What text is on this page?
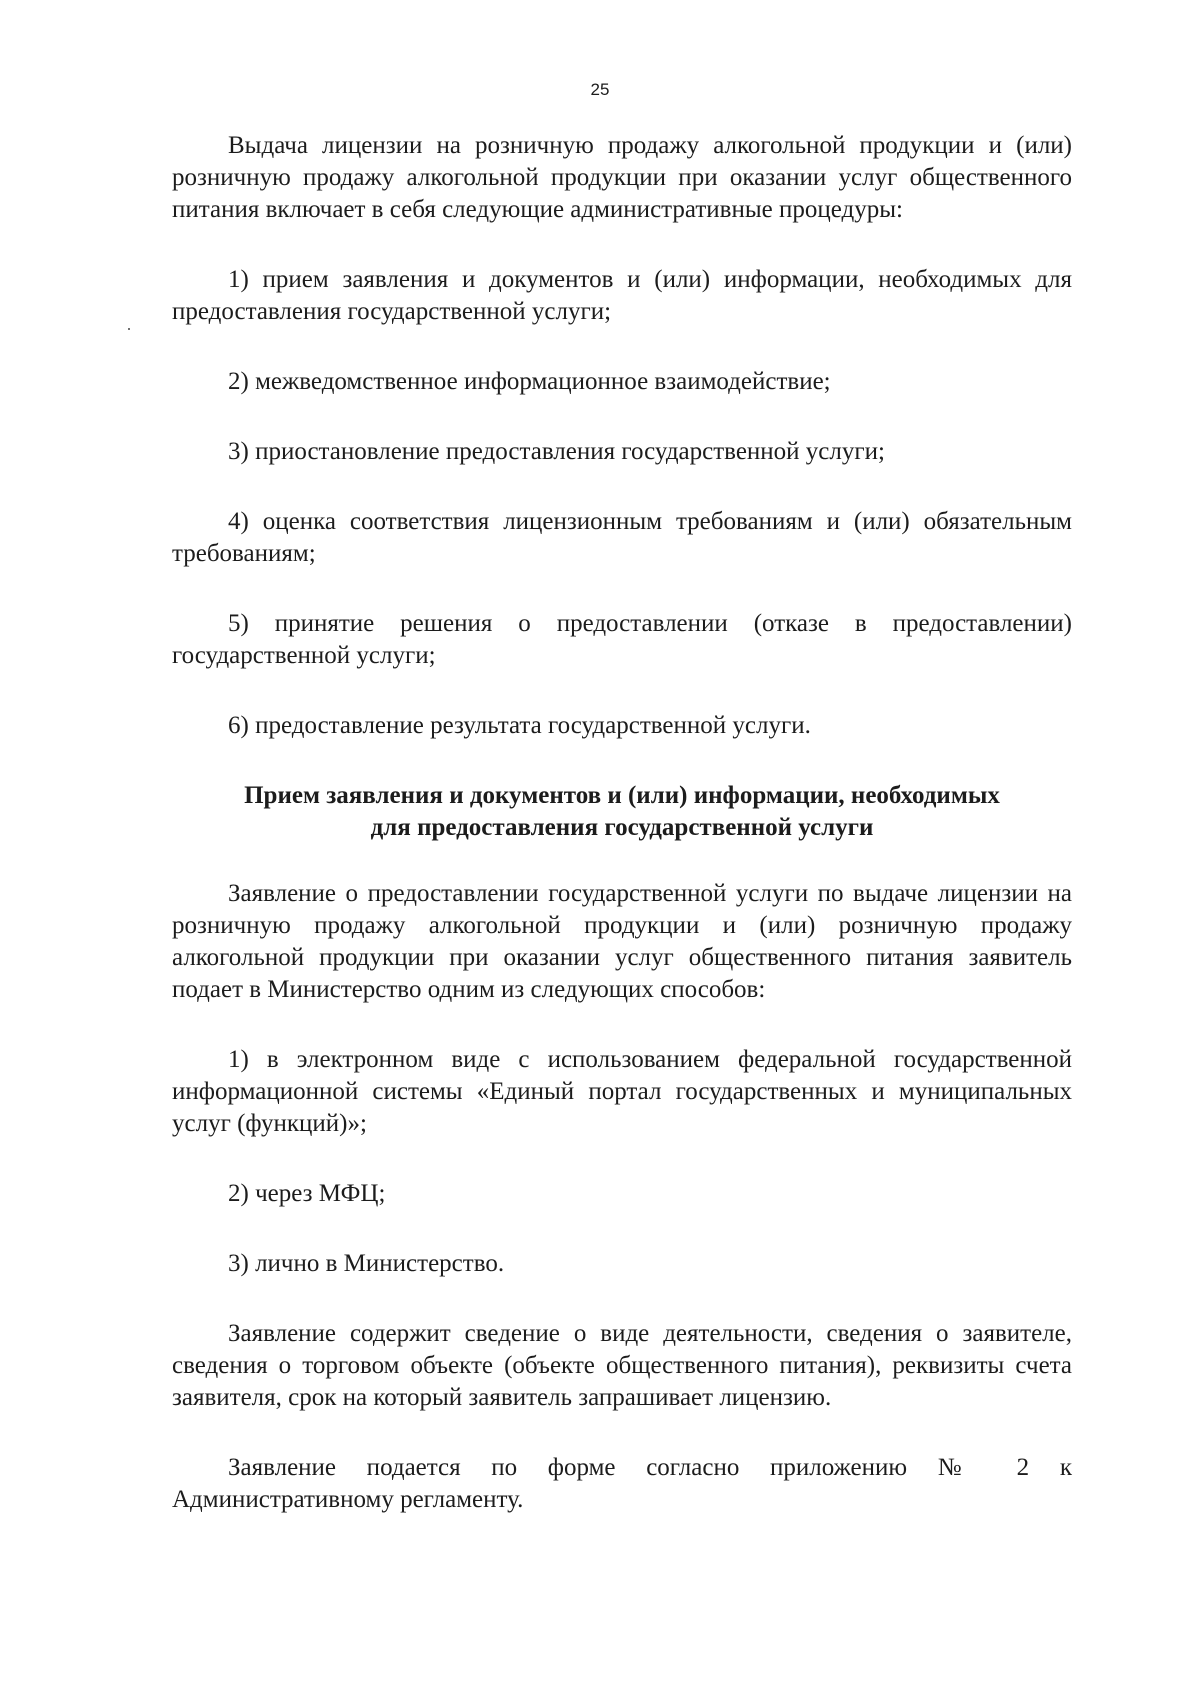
25

Выдача лицензии на розничную продажу алкогольной продукции и (или) розничную продажу алкогольной продукции при оказании услуг общественного питания включает в себя следующие административные процедуры:

1) прием заявления и документов и (или) информации, необходимых для предоставления государственной услуги;

2) межведомственное информационное взаимодействие;

3) приостановление предоставления государственной услуги;

4) оценка соответствия лицензионным требованиям и (или) обязательным требованиям;

5) принятие решения о предоставлении (отказе в предоставлении) государственной услуги;

6) предоставление результата государственной услуги.

Прием заявления и документов и (или) информации, необходимых
для предоставления государственной услуги

Заявление о предоставлении государственной услуги по выдаче лицензии на розничную продажу алкогольной продукции и (или) розничную продажу алкогольной продукции при оказании услуг общественного питания заявитель подает в Министерство одним из следующих способов:

1) в электронном виде с использованием федеральной государственной информационной системы «Единый портал государственных и муниципальных услуг (функций)»;

2) через МФЦ;

3) лично в Министерство.

Заявление содержит сведение о виде деятельности, сведения о заявителе, сведения о торговом объекте (объекте общественного питания), реквизиты счета заявителя, срок на который заявитель запрашивает лицензию.

Заявление подается по форме согласно приложению № 2 к Административному регламенту.
